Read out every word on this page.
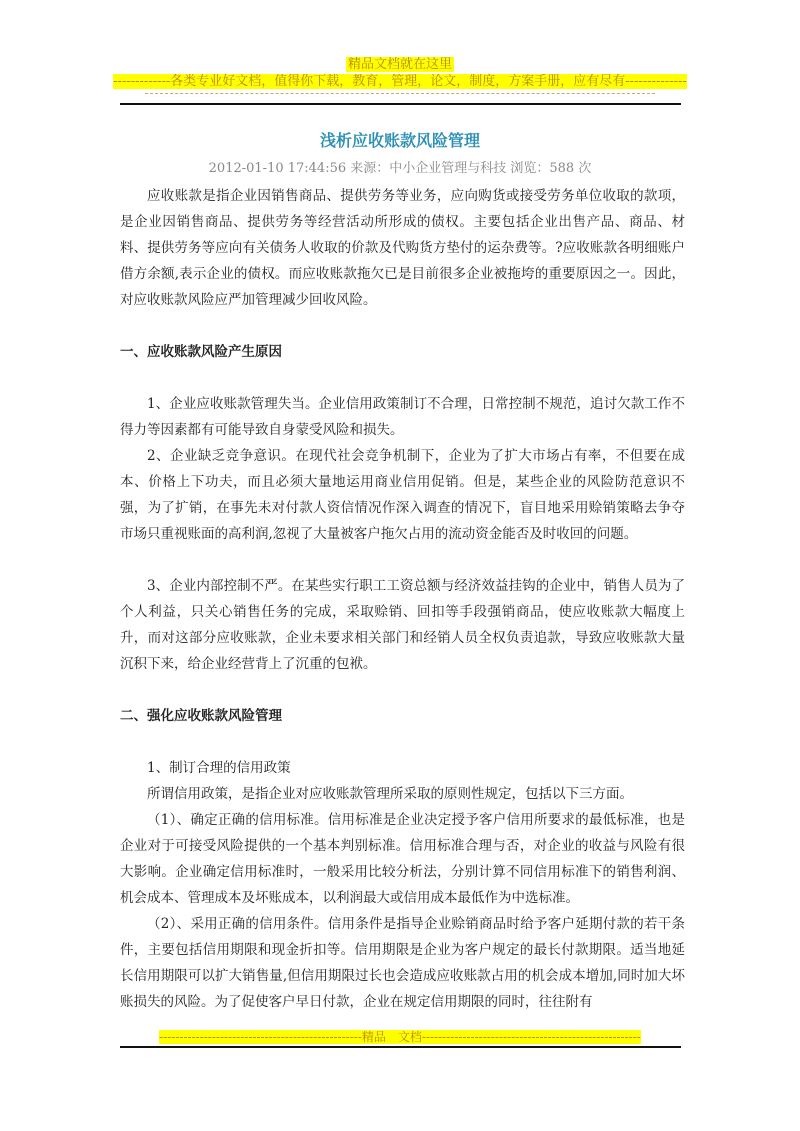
精品文档就在这里
-------------各类专业好文档，值得你下载，教育，管理，论文，制度，方案手册，应有尽有--------------
浅析应收账款风险管理
2012-01-10 17:44:56 来源：中小企业管理与科技 浏览：588 次

应收账款是指企业因销售商品、提供劳务等业务，应向购货或接受劳务单位收取的款项，是企业因销售商品、提供劳务等经营活动所形成的债权。主要包括企业出售产品、商品、材料、提供劳务等应向有关债务人收取的价款及代购货方垫付的运杂费等。?应收账款各明细账户借方余额,表示企业的债权。而应收账款拖欠已是目前很多企业被拖垮的重要原因之一。因此，对应收账款风险应严加管理减少回收风险。

一、应收账款风险产生原因

1、企业应收账款管理失当。企业信用政策制订不合理，日常控制不规范，追讨欠款工作不得力等因素都有可能导致自身蒙受风险和损失。

2、企业缺乏竞争意识。在现代社会竞争机制下，企业为了扩大市场占有率，不但要在成本、价格上下功夫，而且必须大量地运用商业信用促销。但是，某些企业的风险防范意识不强，为了扩销，在事先未对付款人资信情况作深入调查的情况下，盲目地采用赊销策略去争夺市场只重视账面的高利润,忽视了大量被客户拖欠占用的流动资金能否及时收回的问题。

3、企业内部控制不严。在某些实行职工工资总额与经济效益挂钩的企业中，销售人员为了个人利益，只关心销售任务的完成，采取赊销、回扣等手段强销商品，使应收账款大幅度上升，而对这部分应收账款，企业未要求相关部门和经销人员全权负责追款，导致应收账款大量沉积下来，给企业经营背上了沉重的包袱。

二、强化应收账款风险管理

1、制订合理的信用政策

所谓信用政策，是指企业对应收账款管理所采取的原则性规定，包括以下三方面。

（1）、确定正确的信用标准。信用标准是企业决定授予客户信用所要求的最低标准，也是企业对于可接受风险提供的一个基本判别标准。信用标准合理与否，对企业的收益与风险有很大影响。企业确定信用标准时，一般采用比较分析法，分别计算不同信用标准下的销售利润、机会成本、管理成本及坏账成本，以利润最大或信用成本最低作为中选标准。

（2）、采用正确的信用条件。信用条件是指导企业赊销商品时给予客户延期付款的若干条件，主要包括信用期限和现金折扣等。信用期限是企业为客户规定的最长付款期限。适当地延长信用期限可以扩大销售量,但信用期限过长也会造成应收账款占用的机会成本增加,同时加大坏账损失的风险。为了促使客户早日付款，企业在规定信用期限的同时，往往附有

--------------------------------------------------精品　文档------------------------------------------------------
